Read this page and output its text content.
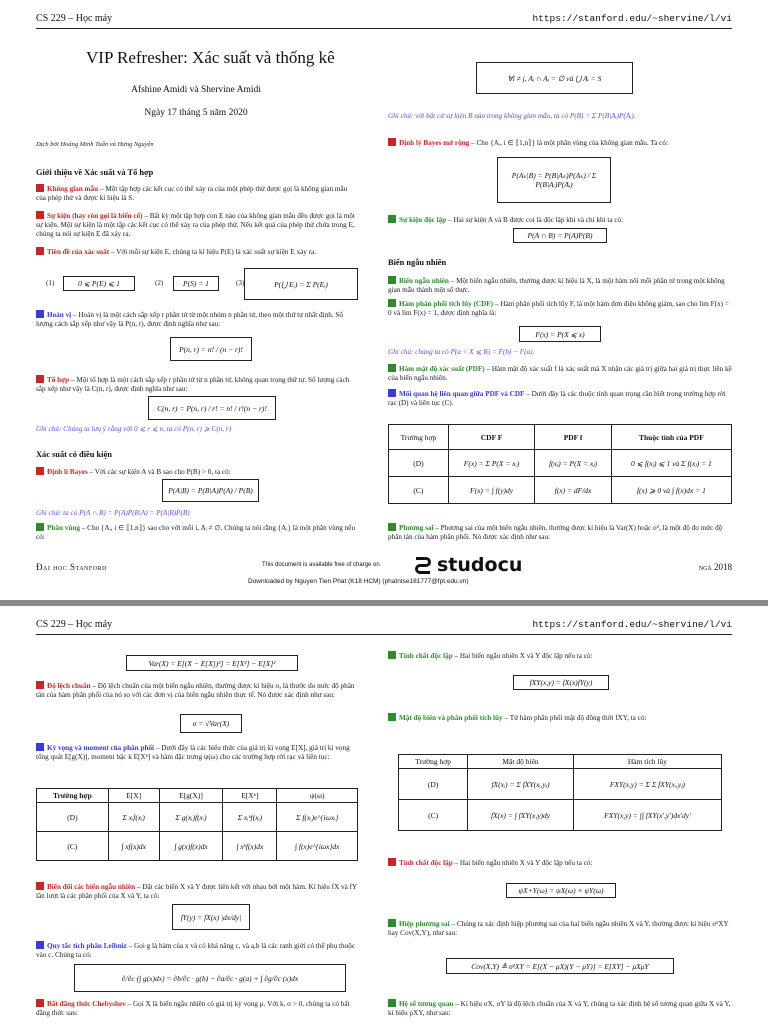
CS 229 – Học máy	https://stanford.edu/~shervine/l/vi
VIP Refresher: Xác suất và thống kê
Afshine Amidi và Shervine Amidi
Ngày 17 tháng 5 năm 2020
Dịch bởi Hoàng Minh Tuấn và Hưng Nguyễn
Giới thiệu về Xác suất và Tổ hợp
Không gian mẫu – Một tập hợp các kết cục có thể xảy ra của một phép thử được gọi là không gian mẫu của phép thử và được kí hiệu là S.
Sự kiện (hay còn gọi là biến cố) – Bất kỳ một tập hợp con E nào của không gian mẫu đều được gọi là một sự kiện. Một sự kiện là một tập các kết cục có thể xảy ra của phép thử. Nếu kết quả của phép thử chứa trong E, chúng ta nói sự kiện E đã xảy ra.
Tiên đề của xác suất – Với mỗi sự kiện E, chúng ta kí hiệu P(E) là xác suất sự kiện E xảy ra.
(1)	0 ⩽ P(E) ⩽ 1	(2)	P(S) = 1	(3)	P(⋃ Eᵢ) = Σ P(Eᵢ)
Hoán vị – Hoán vị là một cách sắp xếp r phần tử từ một nhóm n phần tử, theo một thứ tự nhất định. Số lượng cách sắp xếp như vậy là P(n, r), được định nghĩa như sau:
P(n, r) = n! / (n − r)!
Tổ hợp – Một tổ hợp là một cách sắp xếp r phần tử từ n phần tử, không quan trọng thứ tự. Số lượng cách sắp xếp như vậy là C(n, r), được định nghĩa như sau:
C(n, r) = P(n, r) / r! = n! / r!(n − r)!
Ghi chú: Chúng ta lưu ý rằng với 0 ⩽ r ⩽ n, ta có P(n, r) ⩾ C(n, r)
Xác suất có điều kiện
Định lí Bayes – Với các sự kiện A và B sao cho P(B) > 0, ta có:
P(A|B) = P(B|A)P(A) / P(B)
Ghi chú: ta có P(A ∩ B) = P(A)P(B|A) = P(A|B)P(B)
Phân vùng – Cho {Aᵢ, i ∈ ⟦1,n⟧} sao cho với mỗi i, Aᵢ ≠ ∅. Chúng ta nói rằng {Aᵢ} là một phân vùng nếu có:
∀i ≠ j, Aᵢ ∩ Aⱼ = ∅ và ⋃ Aᵢ = S
Ghi chú: với bất cứ sự kiện B nào trong không gian mẫu, ta có P(B) = Σ P(B|Aᵢ)P(Aᵢ).
Định lý Bayes mở rộng – Cho {Aᵢ, i ∈ ⟦1,n⟧} là một phân vùng của không gian mẫu. Ta có:
P(Aₖ|B) = P(B|Aₖ)P(Aₖ) / Σ P(B|Aᵢ)P(Aᵢ)
Sự kiện độc lập – Hai sự kiện A và B được coi là độc lập khi và chỉ khi ta có:
P(A ∩ B) = P(A)P(B)
Biến ngẫu nhiên
Biến ngẫu nhiên – Một biến ngẫu nhiên, thường được kí hiệu là X, là một hàm nối mỗi phần tử trong một không gian mẫu thành một số thực.
Hàm phân phối tích lũy (CDF) – Hàm phân phối tích lũy F, là một hàm đơn điệu không giảm, sao cho lim F(x) = 0 và lim F(x) = 1, được định nghĩa là:
F(x) = P(X ⩽ x)
Ghi chú: chúng ta có P(a < X ⩽ B) = F(b) − F(a).
Hàm mật độ xác suất (PDF) – Hàm mật độ xác suất f là xác suất mà X nhận các giá trị giữa hai giá trị thực liền kề của biến ngẫu nhiên.
Mối quan hệ liên quan giữa PDF và CDF – Dưới đây là các thuộc tính quan trọng cần biết trong trường hợp rời rạc (D) và liên tục (C).
Trường hợp	CDF F	PDF f	Thuộc tính của PDF
(D)	F(x) = Σ P(X = xᵢ)	f(xⱼ) = P(X = xⱼ)	0 ⩽ f(xⱼ) ⩽ 1 và Σ f(xⱼ) = 1
(C)	F(x) = ∫ f(y)dy	f(x) = dF/dx	f(x) ⩾ 0 và ∫ f(x)dx = 1
Phương sai – Phương sai của một biến ngẫu nhiên, thường được kí hiệu là Var(X) hoặc σ², là một độ đo mức độ phân tán của hàm phân phối. Nó được xác định như sau:
Đại học Stanford	This document is available free of charge on	studocu	ngã 2018
Downloaded by Nguyen Tien Phat (K18 HCM) (phatntse181777@fpt.edu.vn)
CS 229 – Học máy	https://stanford.edu/~shervine/l/vi
Var(X) = E[(X − E[X])²] = E[X²] − E[X]²
Độ lệch chuẩn – Độ lệch chuẩn của một biến ngẫu nhiên, thường được kí hiệu σ, là thước đo mức độ phân tán của hàm phân phối của nó so với các đơn vị của biến ngẫu nhiên thực tế. Nó được xác định như sau:
σ = √Var(X)
Kỳ vọng và moment của phân phối – Dưới đây là các biểu thức của giá trị kì vọng E[X], giá trị kì vọng tổng quát E[g(X)], moment bậc k E[Xᵏ] và hàm đặc trưng ψ(ω) cho các trường hợp rời rạc và liên tục:
Trường hợp	E[X]	E[g(X)]	E[Xᵏ]	ψ(ω)
(D)	Σ xᵢf(xᵢ)	Σ g(xᵢ)f(xᵢ)	Σ xᵢᵏf(xᵢ)	Σ f(xᵢ)e^{iωxᵢ}
(C)	∫ xf(x)dx	∫ g(x)f(x)dx	∫ xᵏf(x)dx	∫ f(x)e^{iωx}dx
Biến đổi các biến ngẫu nhiên – Đặt các biến X và Y được liên kết với nhau bởi một hàm. Kí hiệu fX và fY lần lượt là các phân phối của X và Y, ta có:
fY(y) = fX(x) |dx/dy|
Quy tắc tích phân Leibniz – Gọi g là hàm của x và có khả năng c, và a,b là các ranh giới có thể phụ thuộc vào c. Chúng ta có:
∂/∂c (∫ g(x)dx) = ∂b/∂c · g(b) − ∂a/∂c · g(a) + ∫ ∂g/∂c (x)dx
Bất đẳng thức Chebyshev – Gọi X là biến ngẫu nhiên có giá trị kỳ vọng μ. Với k, σ > 0, chúng ta có bất đẳng thức sau:
Tính chất độc lập – Hai biến ngẫu nhiên X và Y độc lập nếu ta có:
fXY(x,y) = fX(x)fY(y)
Mật độ biên và phân phối tích lũy – Từ hàm phân phối mật độ đồng thời fXY, ta có:
Trường hợp	Mật độ biên	Hàm tích lũy
(D)	fX(xᵢ) = Σ fXY(xᵢ,yⱼ)	FXY(x,y) = Σ Σ fXY(xᵢ,yⱼ)
(C)	fX(x) = ∫ fXY(x,y)dy	FXY(x,y) = ∫∫ fXY(x',y')dx'dy'
Tính chất độc lập – Hai biến ngẫu nhiên X và Y độc lập nếu ta có:
ψX+Y(ω) = ψX(ω) × ψY(ω)
Hiệp phương sai – Chúng ta xác định hiệp phương sai của hai biến ngẫu nhiên X và Y, thường được kí hiệu σ²XY hay Cov(X,Y), như sau:
Cov(X,Y) ≜ σ²XY = E[(X − μX)(Y − μY)] = E[XY] − μXμY
Hệ số tương quan – Kí hiệu σX, σY là độ lệch chuẩn của X và Y, chúng ta xác định hệ số tương quan giữa X và Y, kí hiệu ρXY, như sau:
